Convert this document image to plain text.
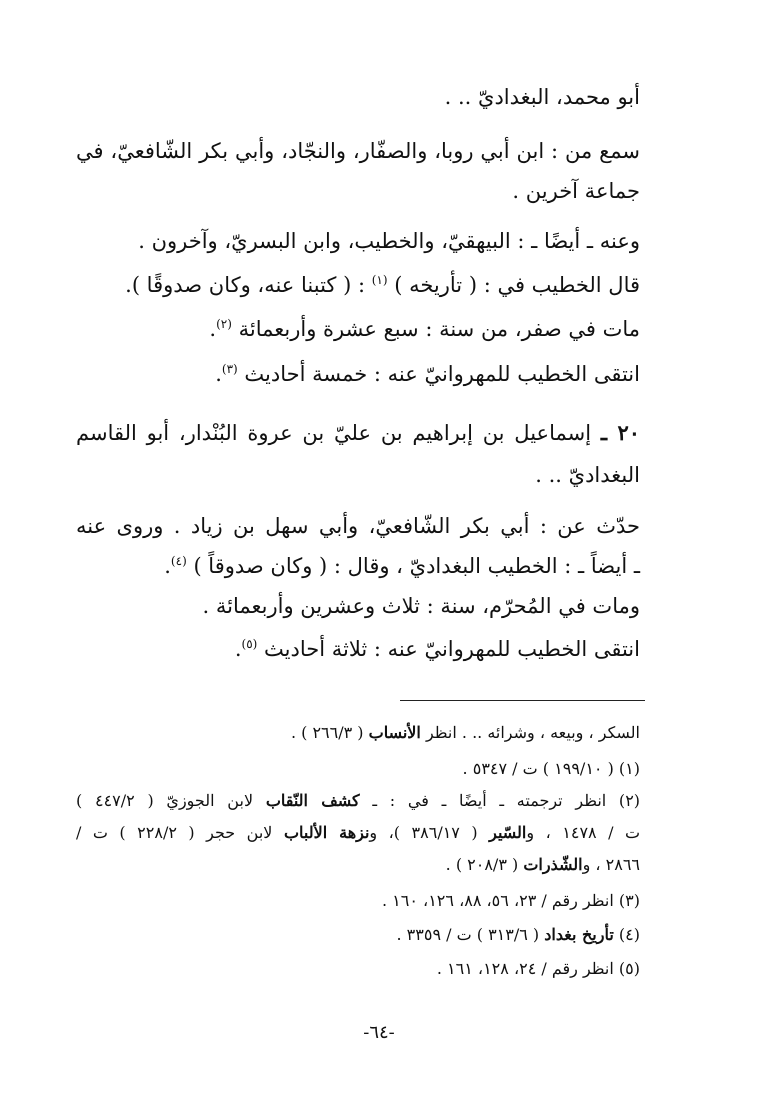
أبو محمد، البغداديّ .. .
سمع من : ابن أبي روبا، والصفّار، والنجّاد، وأبي بكر الشّافعيّ، في
جماعة آخرين .
وعنه ـ أيضًا ـ : البيهقيّ، والخطيب، وابن البسريّ، وآخرون .
قال الخطيب في : ( تأريخه ) $^{(١)}$ : ( كتبنا عنه، وكان صدوقًا ).
مات في صفر، من سنة : سبع عشرة وأربعمائة $^{(٢)}$.
انتقى الخطيب للمهروانيّ عنه : خمسة أحاديث $^{(٣)}$.
٢٠ ـ إسماعيل بن إبراهيم بن عليّ بن عروة البُنْدار، أبو القاسم
البغداديّ .. .
حدّث عن : أبي بكر الشّافعيّ، وأبي سهل بن زياد . وروى عنه
ـ أيضاً ـ : الخطيب البغداديّ ، وقال : ( وكان صدوقاً ) $^{(٤)}$.
ومات في المُحرّم، سنة : ثلاث وعشرين وأربعمائة .
انتقى الخطيب للمهروانيّ عنه : ثلاثة أحاديث $^{(٥)}$.
السكر ، وبيعه ، وشرائه .. . انظر الأنساب ( ٢٦٦/٣ ) .
(١) ( ١٩٩/١٠ ) ت / ٥٣٤٧ .
(٢) انظر ترجمته ـ أيضًا ـ في : ـ كشف النّقاب لابن الجوزيّ ( ٤٤٧/٢ )
ت / ١٤٧٨ ، والسّير ( ٣٨٦/١٧ )، ونزهة الألباب لابن حجر ( ٢٢٨/٢ ) ت /
٢٨٦٦ ، والشّذرات ( ٢٠٨/٣ ) .
(٣) انظر رقم / ٢٣، ٥٦، ٨٨، ١٢٦، ١٦٠ .
(٤) تأريخ بغداد ( ٣١٣/٦ ) ت / ٣٣٥٩ .
(٥) انظر رقم / ٢٤، ١٢٨، ١٦١ .
-٦٤-
